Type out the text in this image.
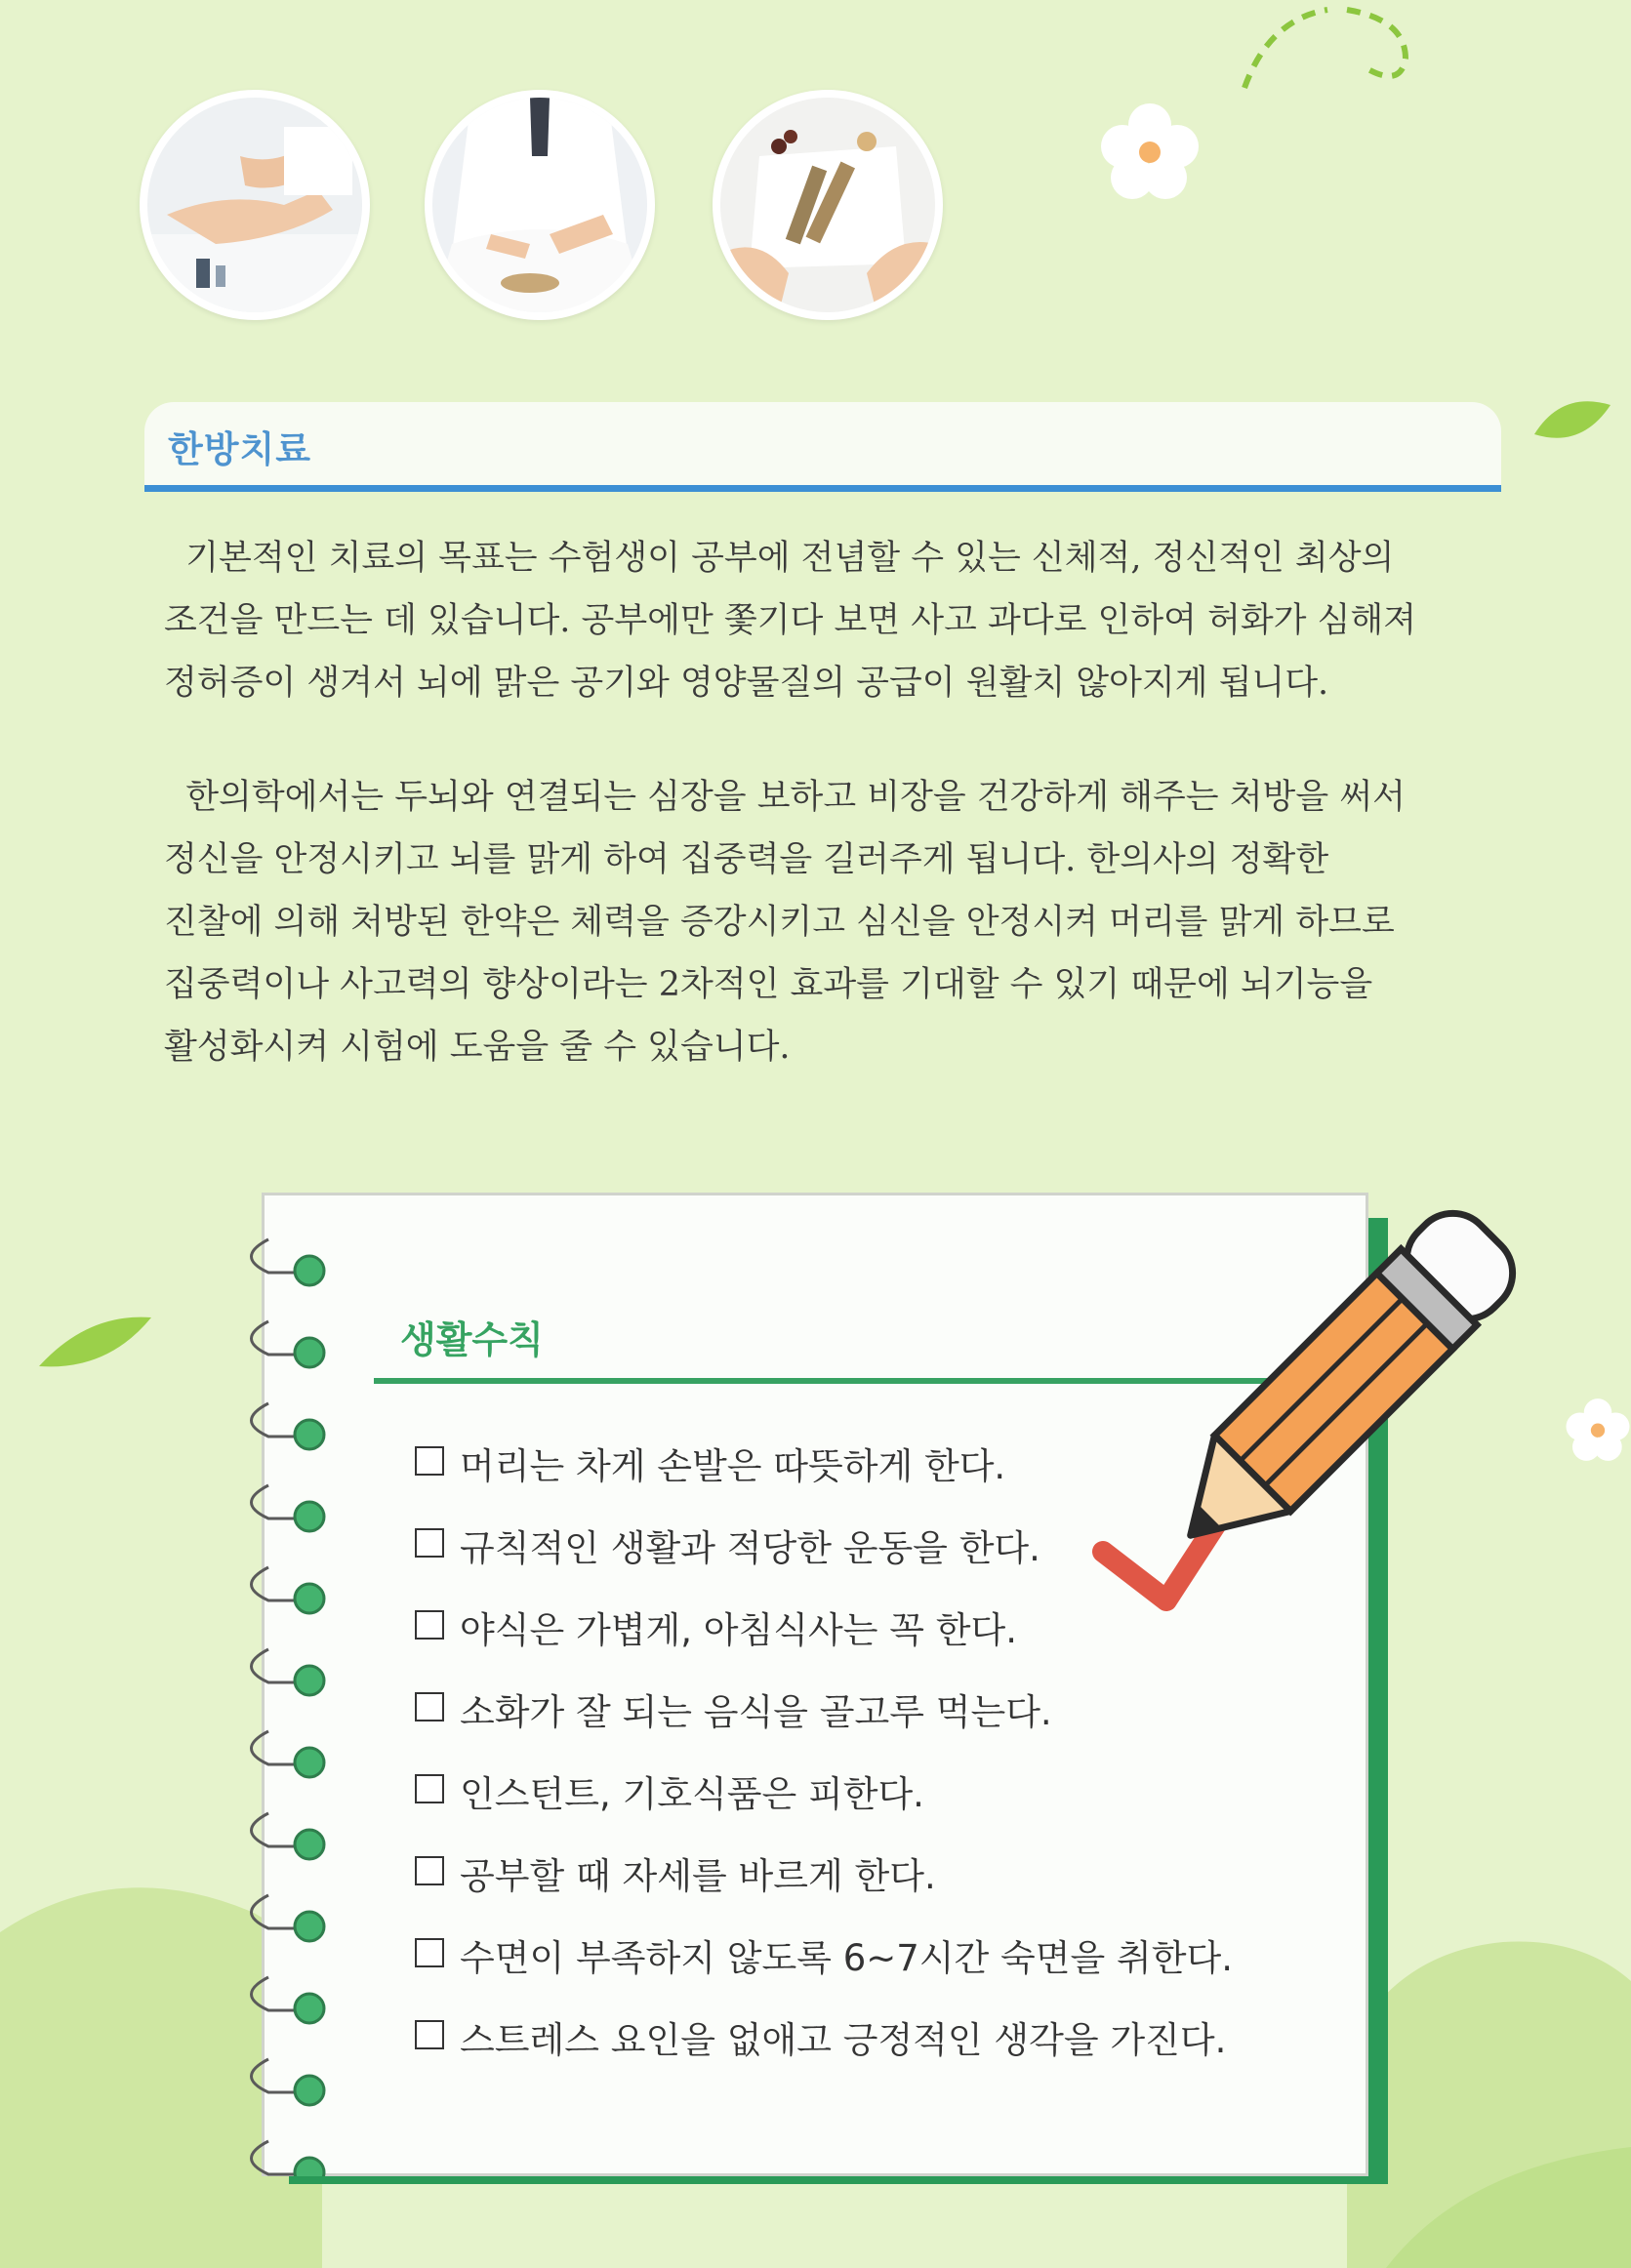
한방치료

기본적인 치료의 목표는 수험생이 공부에 전념할 수 있는 신체적, 정신적인 최상의
조건을 만드는 데 있습니다. 공부에만 쫓기다 보면 사고 과다로 인하여 허화가 심해져
정허증이 생겨서 뇌에 맑은 공기와 영양물질의 공급이 원활치 않아지게 됩니다.

한의학에서는 두뇌와 연결되는 심장을 보하고 비장을 건강하게 해주는 처방을 써서
정신을 안정시키고 뇌를 맑게 하여 집중력을 길러주게 됩니다. 한의사의 정확한
진찰에 의해 처방된 한약은 체력을 증강시키고 심신을 안정시켜 머리를 맑게 하므로
집중력이나 사고력의 향상이라는 2차적인 효과를 기대할 수 있기 때문에 뇌기능을
활성화시켜 시험에 도움을 줄 수 있습니다.

생활수칙
머리는 차게 손발은 따뜻하게 한다.
규칙적인 생활과 적당한 운동을 한다.
야식은 가볍게, 아침식사는 꼭 한다.
소화가 잘 되는 음식을 골고루 먹는다.
인스턴트, 기호식품은 피한다.
공부할 때 자세를 바르게 한다.
수면이 부족하지 않도록 6~7시간 숙면을 취한다.
스트레스 요인을 없애고 긍정적인 생각을 가진다.
